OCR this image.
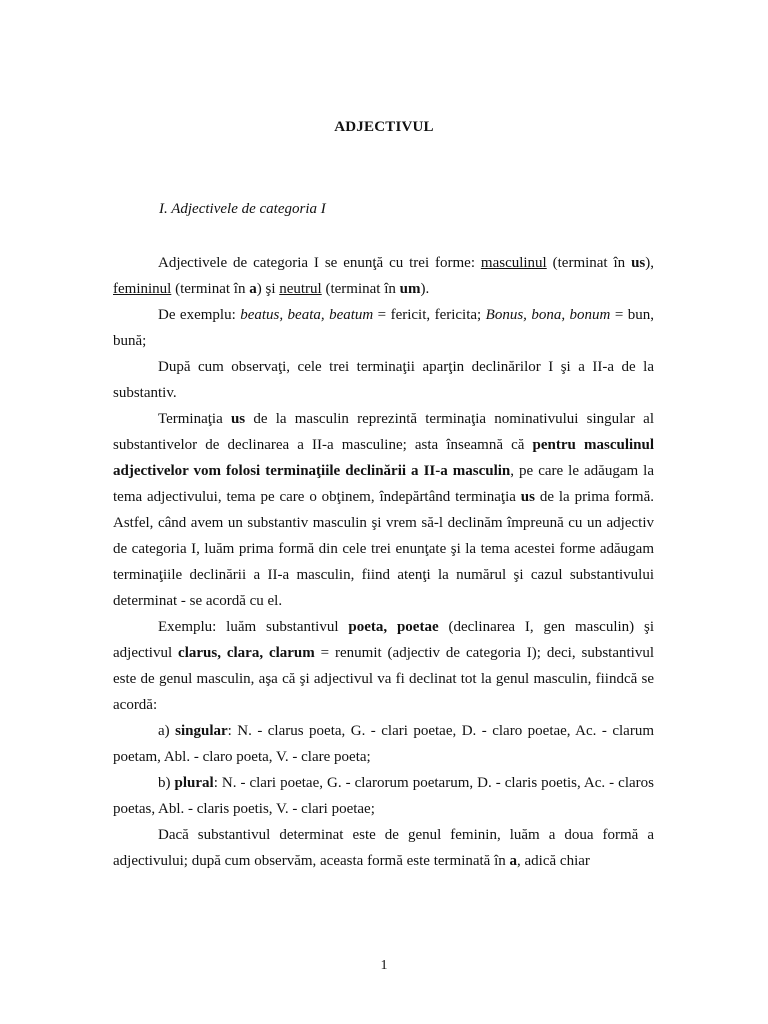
ADJECTIVUL
I. Adjectivele de categoria I

Adjectivele de categoria I se enunţă cu trei forme: masculinul (terminat în us), femininul (terminat în a) şi neutrul (terminat în um).

De exemplu: beatus, beata, beatum = fericit, fericita; Bonus, bona, bonum = bun, bună;

După cum observaţi, cele trei terminaţii aparţin declinărilor I şi a II-a de la substantiv.

Terminaţia us de la masculin reprezintă terminaţia nominativului singular al substantivelor de declinarea a II-a masculine; asta înseamnă că pentru masculinul adjectivelor vom folosi terminaţiile declinării a II-a masculin, pe care le adăugam la tema adjectivului, tema pe care o obţinem, îndepărtând terminaţia us de la prima formă. Astfel, când avem un substantiv masculin şi vrem să-l declinăm împreună cu un adjectiv de categoria I, luăm prima formă din cele trei enunţate şi la tema acestei forme adăugam terminaţiile declinării a II-a masculin, fiind atenţi la numărul şi cazul substantivului determinat - se acordă cu el.

Exemplu: luăm substantivul poeta, poetae (declinarea I, gen masculin) şi adjectivul clarus, clara, clarum = renumit (adjectiv de categoria I); deci, substantivul este de genul masculin, aşa că şi adjectivul va fi declinat tot la genul masculin, fiindcă se acordă:

a) singular: N. - clarus poeta, G. - clari poetae, D. - claro poetae, Ac. - clarum poetam, Abl. - claro poeta, V. - clare poeta;

b) plural: N. - clari poetae, G. - clarorum poetarum, D. - claris poetis, Ac. - claros poetas, Abl. - claris poetis, V. - clari poetae;

Dacă substantivul determinat este de genul feminin, luăm a doua formă a adjectivului; după cum observăm, aceasta formă este terminată în a, adică chiar

1
